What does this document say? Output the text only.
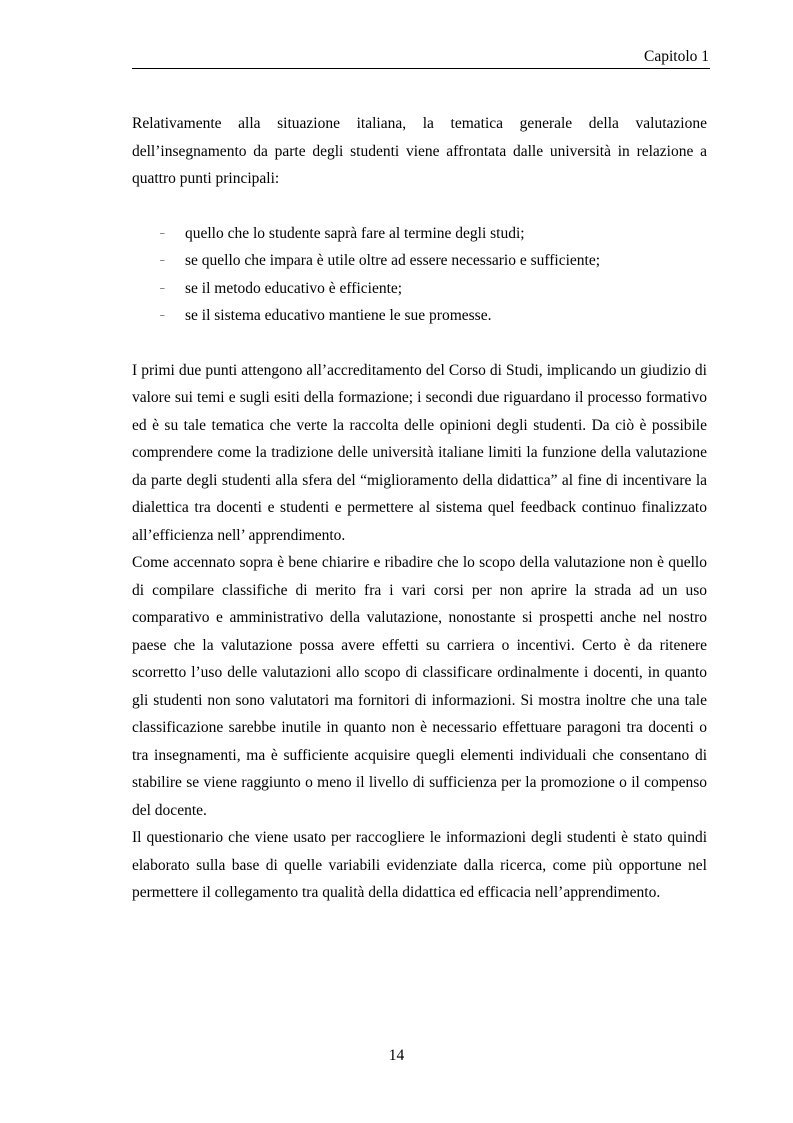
Capitolo 1

Relativamente alla situazione italiana, la tematica generale della valutazione dell’insegnamento da parte degli studenti viene affrontata dalle università in relazione a quattro punti principali:

– quello che lo studente saprà fare al termine degli studi;
– se quello che impara è utile oltre ad essere necessario e sufficiente;
– se il metodo educativo è efficiente;
– se il sistema educativo mantiene le sue promesse.

I primi due punti attengono all’accreditamento del Corso di Studi, implicando un giudizio di valore sui temi e sugli esiti della formazione; i secondi due riguardano il processo formativo ed è su tale tematica che verte la raccolta delle opinioni degli studenti. Da ciò è possibile comprendere come la tradizione delle università italiane limiti la funzione della valutazione da parte degli studenti alla sfera del “miglioramento della didattica” al fine di incentivare la dialettica tra docenti e studenti e permettere al sistema quel feedback continuo finalizzato all’efficienza nell’ apprendimento.

Come accennato sopra è bene chiarire e ribadire che lo scopo della valutazione non è quello di compilare classifiche di merito fra i vari corsi per non aprire la strada ad un uso comparativo e amministrativo della valutazione, nonostante si prospetti anche nel nostro paese che la valutazione possa avere effetti su carriera o incentivi. Certo è da ritenere scorretto l’uso delle valutazioni allo scopo di classificare ordinalmente i docenti, in quanto gli studenti non sono valutatori ma fornitori di informazioni. Si mostra inoltre che una tale classificazione sarebbe inutile in quanto non è necessario effettuare paragoni tra docenti o tra insegnamenti, ma è sufficiente acquisire quegli elementi individuali che consentano di stabilire se viene raggiunto o meno il livello di sufficienza per la promozione o il compenso del docente.

Il questionario che viene usato per raccogliere le informazioni degli studenti è stato quindi elaborato sulla base di quelle variabili evidenziate dalla ricerca, come più opportune nel permettere il collegamento tra qualità della didattica ed efficacia nell’apprendimento.

14
